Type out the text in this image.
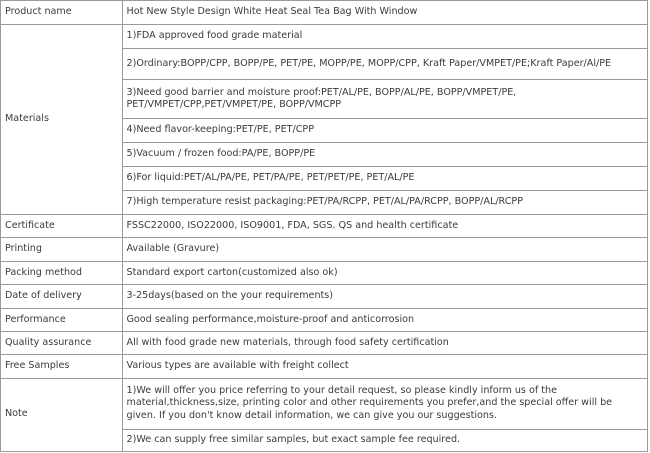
Product name	Hot New Style Design White Heat Seal Tea Bag With Window
Materials	1)FDA approved food grade material
	2)Ordinary:BOPP/CPP, BOPP/PE, PET/PE, MOPP/PE, MOPP/CPP, Kraft Paper/VMPET/PE;Kraft Paper/Al/PE
	3)Need good barrier and moisture proof:PET/AL/PE, BOPP/AL/PE, BOPP/VMPET/PE, PET/VMPET/CPP,PET/VMPET/PE, BOPP/VMCPP
	4)Need flavor-keeping:PET/PE, PET/CPP
	5)Vacuum / frozen food:PA/PE, BOPP/PE
	6)For liquid:PET/AL/PA/PE, PET/PA/PE, PET/PET/PE, PET/AL/PE
	7)High temperature resist packaging:PET/PA/RCPP, PET/AL/PA/RCPP, BOPP/AL/RCPP
Certificate	FSSC22000, ISO22000, ISO9001, FDA, SGS. QS and health certificate
Printing	Available (Gravure)
Packing method	Standard export carton(customized also ok)
Date of delivery	3-25days(based on the your requirements)
Performance	Good sealing performance,moisture-proof and anticorrosion
Quality assurance	All with food grade new materials, through food safety certification
Free Samples	Various types are available with freight collect
Note	1)We will offer you price referring to your detail request, so please kindly inform us of the material,thickness,size, printing color and other requirements you prefer,and the special offer will be given. If you don't know detail information, we can give you our suggestions.
	2)We can supply free similar samples, but exact sample fee required.
